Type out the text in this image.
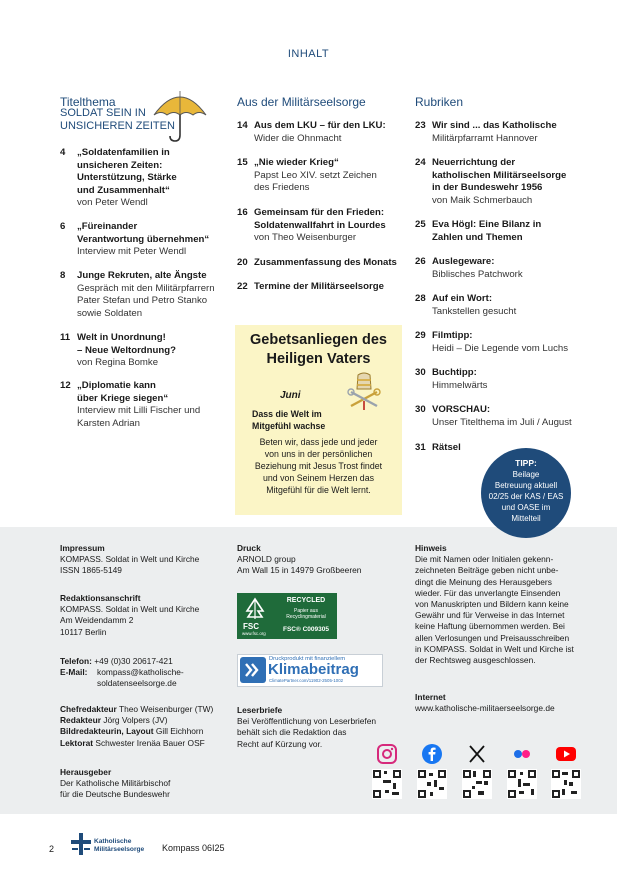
INHALT
Titelthema
SOLDAT SEIN IN
UNSICHEREN ZEITEN
4	„Soldatenfamilien in
unsicheren Zeiten:
Unterstützung, Stärke
und Zusammenhalt“
von Peter Wendl
6	„Füreinander
Verantwortung übernehmen“
Interview mit Peter Wendl
8	Junge Rekruten, alte Ängste
Gespräch mit den Militärpfarrern
Pater Stefan und Petro Stanko
sowie Soldaten
11 Welt in Unordnung!
– Neue Weltordnung?
von Regina Bomke
12 „Diplomatie kann
über Kriege siegen“
Interview mit Lilli Fischer und
Karsten Adrian
Aus der Militärseelsorge
14 Aus dem LKU – für den LKU:
Wider die Ohnmacht
15 „Nie wieder Krieg“
Papst Leo XIV. setzt Zeichen
des Friedens
16 Gemeinsam für den Frieden:
Soldatenwallfahrt in Lourdes
von Theo Weisenburger
20 Zusammenfassung des Monats
22 Termine der Militärseelsorge
Gebetsanliegen des
Heiligen Vaters
Juni
Dass die Welt im
Mitgefühl wachse
Beten wir, dass jede und jeder
von uns in der persönlichen
Beziehung mit Jesus Trost findet
und von Seinem Herzen das
Mitgefühl für die Welt lernt.
Rubriken
23 Wir sind ... das Katholische
Militärpfarramt Hannover
24 Neuerrichtung der
katholischen Militärseelsorge
in der Bundeswehr 1956
von Maik Schmerbauch
25 Eva Högl: Eine Bilanz in
Zahlen und Themen
26 Auslegeware:
Biblisches Patchwork
28 Auf ein Wort:
Tankstellen gesucht
29 Filmtipp:
Heidi – Die Legende vom Luchs
30 Buchtipp:
Himmelwärts
30 VORSCHAU:
Unser Titelthema im Juli / August
31 Rätsel
TIPP:
Beilage
Betreuung aktuell
02/25 der KAS / EAS
und OASE im
Mittelteil
Impressum
KOMPASS. Soldat in Welt und Kirche
ISSN 1865-5149
Redaktionsanschrift
KOMPASS. Soldat in Welt und Kirche
Am Weidendamm 2
10117 Berlin
Telefon: +49 (0)30 20617-421
E-Mail:	kompass@katholische-
soldatenseelsorge.de
Chefredakteur Theo Weisenburger (TW)
Redakteur Jörg Volpers (JV)
Bildredakteurin, Layout Gill Eichhorn
Lektorat Schwester Irenäa Bauer OSF
Herausgeber
Der Katholische Militärbischof
für die Deutsche Bundeswehr
Druck
ARNOLD group
Am Wall 15 in 14979 Großbeeren
FSC
www.fsc.org
RECYCLED
Papier aus
Recyclingmaterial
FSC® C009305
Druckprodukt mit finanziellem
Klimabeitrag
ClimatePartner.com/11902-2505-1002
Leserbriefe
Bei Veröffentlichung von Leserbriefen
behält sich die Redaktion das
Recht auf Kürzung vor.
Hinweis
Die mit Namen oder Initialen gekenn-
zeichneten Beiträge geben nicht unbe-
dingt die Meinung des Herausgebers
wieder. Für das unverlangte Einsenden
von Manuskripten und Bildern kann keine
Gewähr und für Verweise in das Internet
keine Haftung übernommen werden. Bei
allen Verlosungen und Preisausschreiben
in KOMPASS. Soldat in Welt und Kirche ist
der Rechtsweg ausgeschlossen.
Internet
www.katholische-militaerseelsorge.de
2
Katholische
Militärseelsorge Kompass 06I25
